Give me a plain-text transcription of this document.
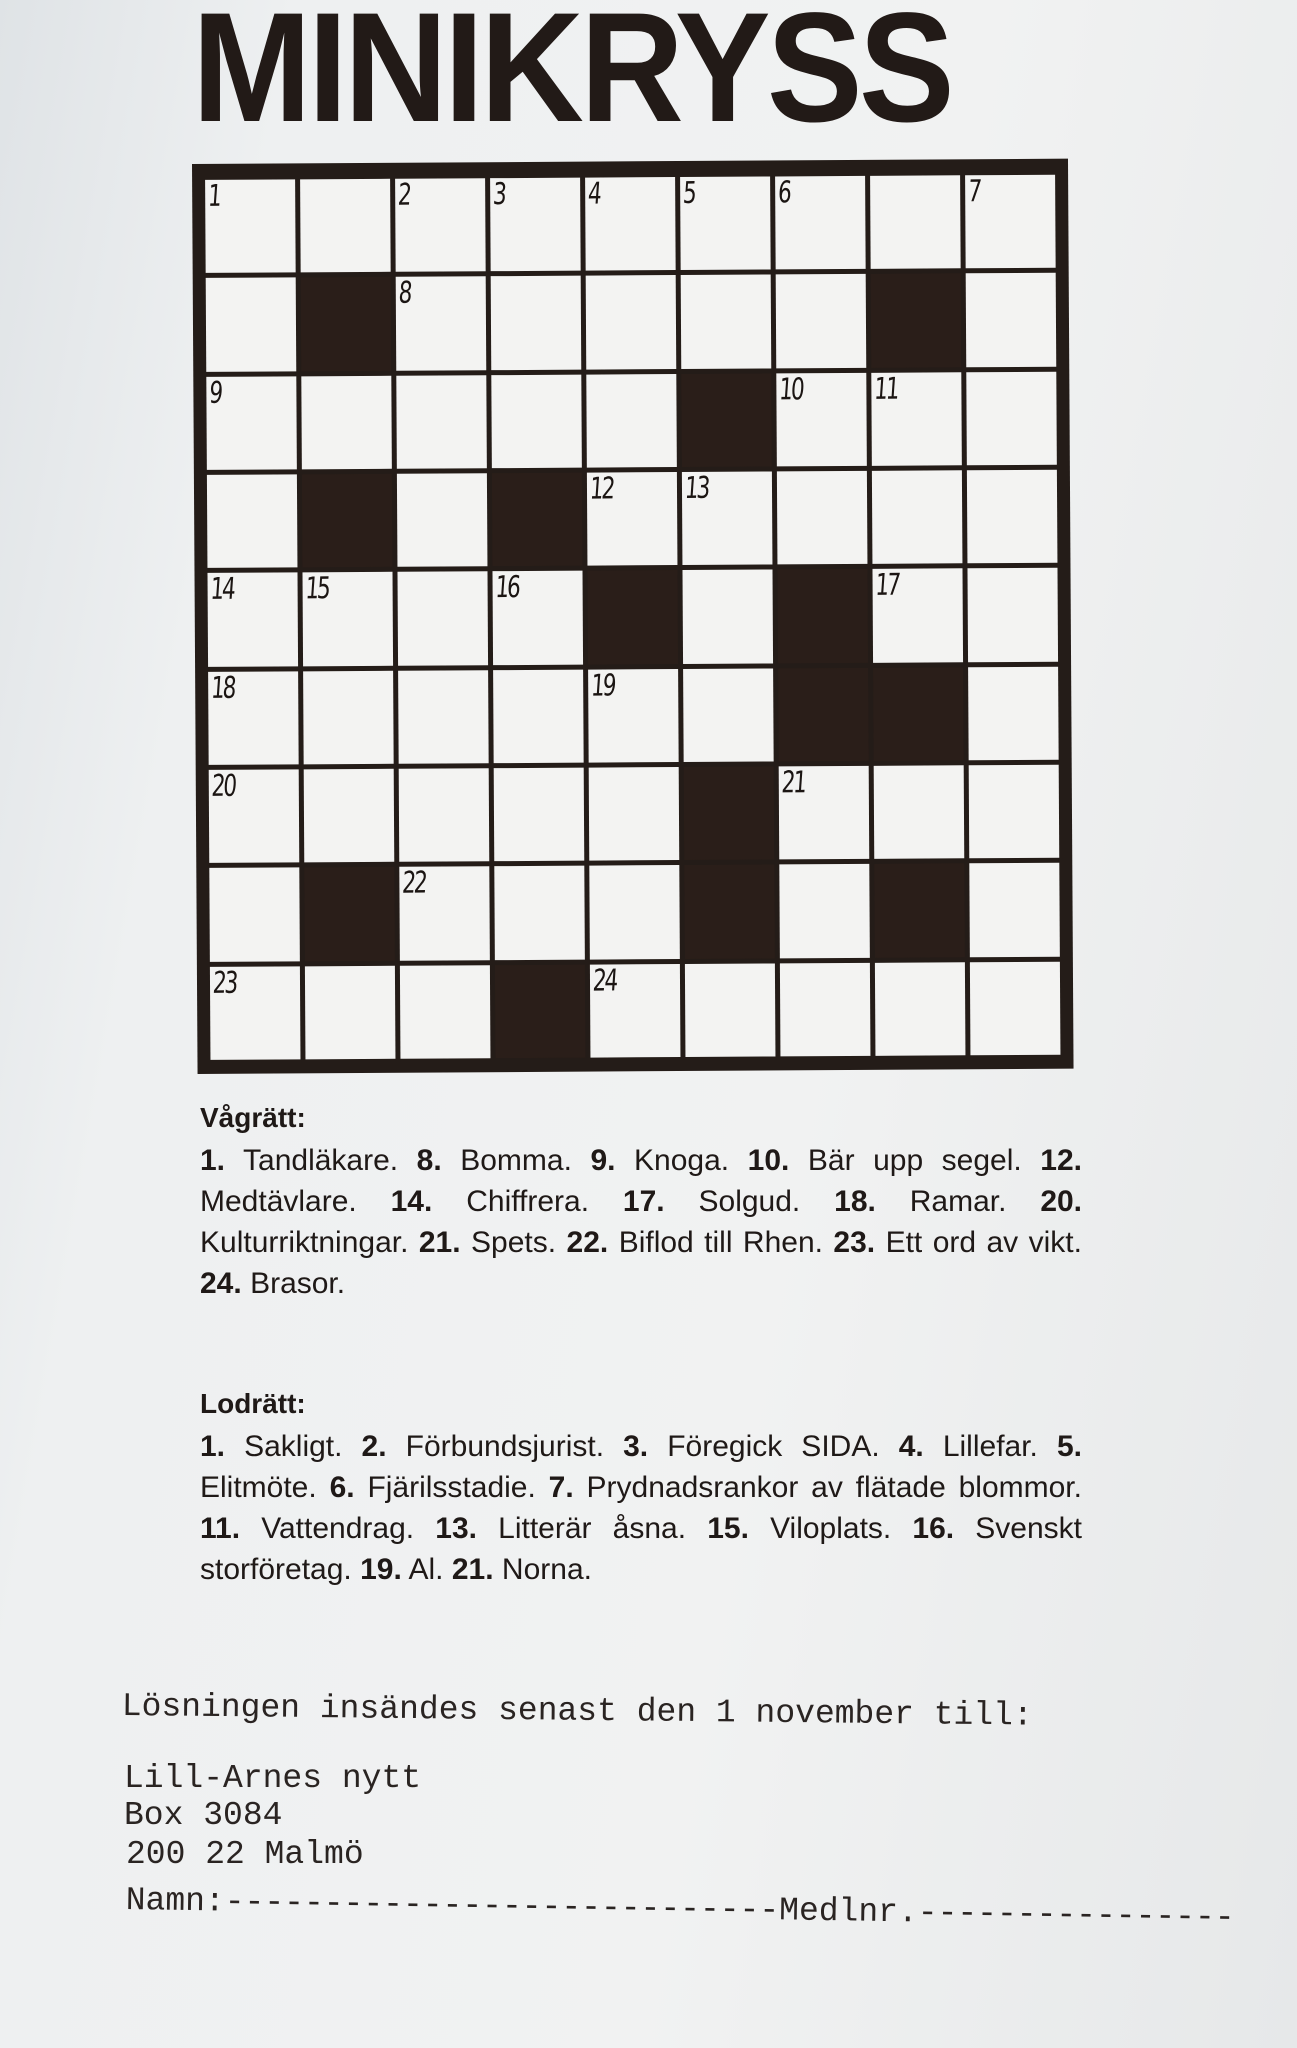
MINIKRYSS
1	2	3	4	5	6	7
8
9	10 11
12 13
14 15	16	17
18	19
20	21
22
23	24
Vågrätt:
1. Tandläkare. 8. Bomma. 9. Knoga. 10. Bär upp segel. 12. Medtävlare. 14. Chiffrera. 17. Solgud. 18. Ramar. 20. Kulturriktningar. 21. Spets. 22. Biflod till Rhen. 23. Ett ord av vikt. 24. Brasor.
Lodrätt:
1. Sakligt. 2. Förbundsjurist. 3. Föregick SIDA. 4. Lillefar. 5. Elitmöte. 6. Fjärilsstadie. 7. Prydnadsrankor av flätade blommor. 11. Vattendrag. 13. Litterär åsna. 15. Viloplats. 16. Svenskt storföretag. 19. Al. 21. Norna.
Lösningen insändes senast den 1 november till:
Lill-Arnes nytt
Box 3084
200 22 Malmö
Namn:----------------------------Medlnr.----------------
